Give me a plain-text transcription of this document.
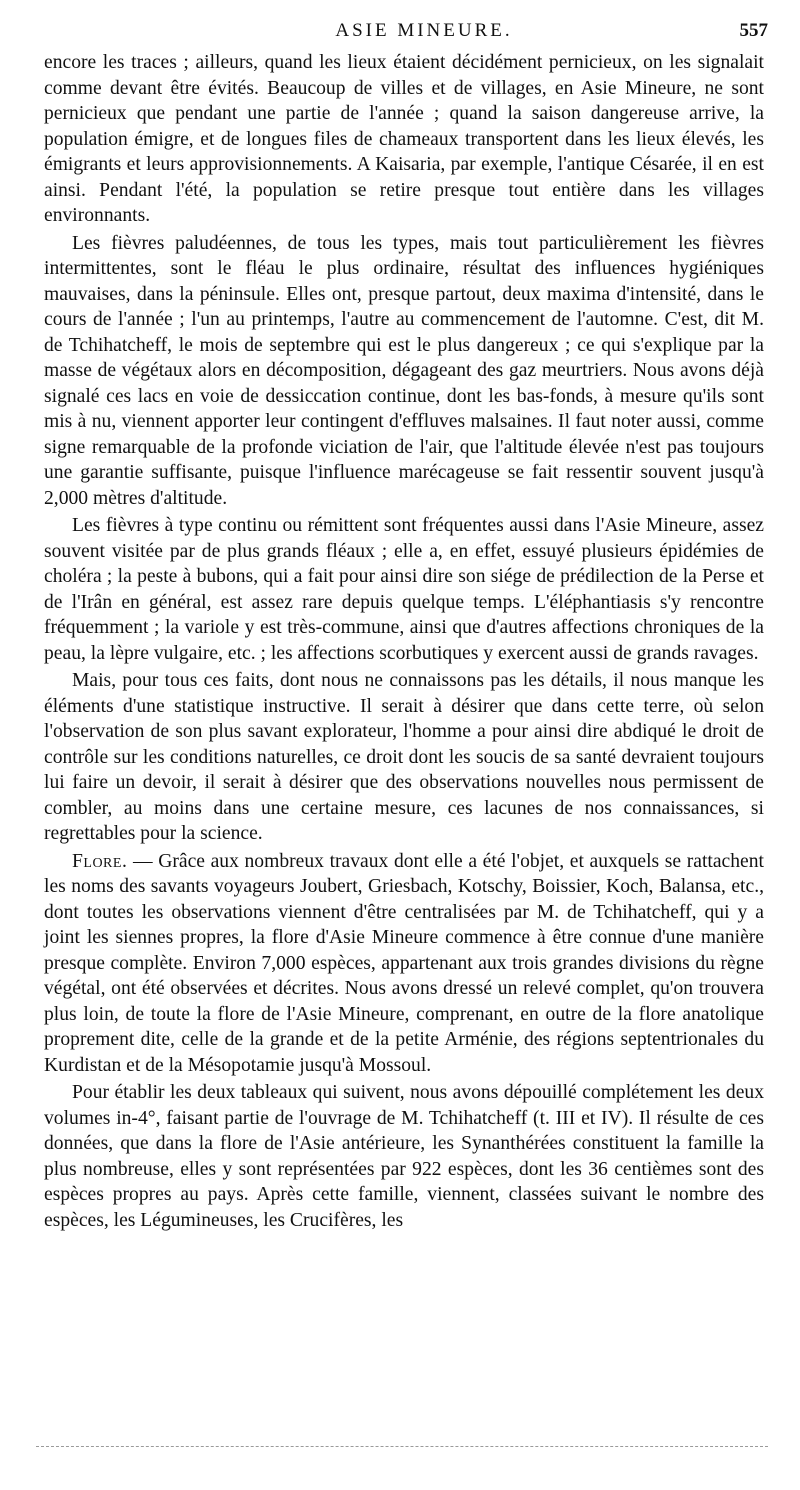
ASIE MINEURE.	557

encore les traces ; ailleurs, quand les lieux étaient décidément pernicieux, on les signalait comme devant être évités. Beaucoup de villes et de villages, en Asie Mineure, ne sont pernicieux que pendant une partie de l'année ; quand la saison dangereuse arrive, la population émigre, et de longues files de chameaux transportent dans les lieux élevés, les émigrants et leurs approvisionnements. A Kaisaria, par exemple, l'antique Césarée, il en est ainsi. Pendant l'été, la population se retire presque tout entière dans les villages environnants.

Les fièvres paludéennes, de tous les types, mais tout particulièrement les fièvres intermittentes, sont le fléau le plus ordinaire, résultat des influences hygiéniques mauvaises, dans la péninsule. Elles ont, presque partout, deux maxima d'intensité, dans le cours de l'année ; l'un au printemps, l'autre au commencement de l'automne. C'est, dit M. de Tchihatcheff, le mois de septembre qui est le plus dangereux ; ce qui s'explique par la masse de végétaux alors en décomposition, dégageant des gaz meurtriers. Nous avons déjà signalé ces lacs en voie de dessiccation continue, dont les bas-fonds, à mesure qu'ils sont mis à nu, viennent apporter leur contingent d'effluves malsaines. Il faut noter aussi, comme signe remarquable de la profonde viciation de l'air, que l'altitude élevée n'est pas toujours une garantie suffisante, puisque l'influence marécageuse se fait ressentir souvent jusqu'à 2,000 mètres d'altitude.

Les fièvres à type continu ou rémittent sont fréquentes aussi dans l'Asie Mineure, assez souvent visitée par de plus grands fléaux ; elle a, en effet, essuyé plusieurs épidémies de choléra ; la peste à bubons, qui a fait pour ainsi dire son siége de prédilection de la Perse et de l'Irân en général, est assez rare depuis quelque temps. L'éléphantiasis s'y rencontre fréquemment ; la variole y est très-commune, ainsi que d'autres affections chroniques de la peau, la lèpre vulgaire, etc. ; les affections scorbutiques y exercent aussi de grands ravages.

Mais, pour tous ces faits, dont nous ne connaissons pas les détails, il nous manque les éléments d'une statistique instructive. Il serait à désirer que dans cette terre, où selon l'observation de son plus savant explorateur, l'homme a pour ainsi dire abdiqué le droit de contrôle sur les conditions naturelles, ce droit dont les soucis de sa santé devraient toujours lui faire un devoir, il serait à désirer que des observations nouvelles nous permissent de combler, au moins dans une certaine mesure, ces lacunes de nos connaissances, si regrettables pour la science.

Flore. — Grâce aux nombreux travaux dont elle a été l'objet, et auxquels se rattachent les noms des savants voyageurs Joubert, Griesbach, Kotschy, Boissier, Koch, Balansa, etc., dont toutes les observations viennent d'être centralisées par M. de Tchihatcheff, qui y a joint les siennes propres, la flore d'Asie Mineure commence à être connue d'une manière presque complète. Environ 7,000 espèces, appartenant aux trois grandes divisions du règne végétal, ont été observées et décrites. Nous avons dressé un relevé complet, qu'on trouvera plus loin, de toute la flore de l'Asie Mineure, comprenant, en outre de la flore anatolique proprement dite, celle de la grande et de la petite Arménie, des régions septentrionales du Kurdistan et de la Mésopotamie jusqu'à Mossoul.

Pour établir les deux tableaux qui suivent, nous avons dépouillé complétement les deux volumes in-4°, faisant partie de l'ouvrage de M. Tchihatcheff (t. III et IV). Il résulte de ces données, que dans la flore de l'Asie antérieure, les Synanthérées constituent la famille la plus nombreuse, elles y sont représentées par 922 espèces, dont les 36 centièmes sont des espèces propres au pays. Après cette famille, viennent, classées suivant le nombre des espèces, les Légumineuses, les Crucifères, les
